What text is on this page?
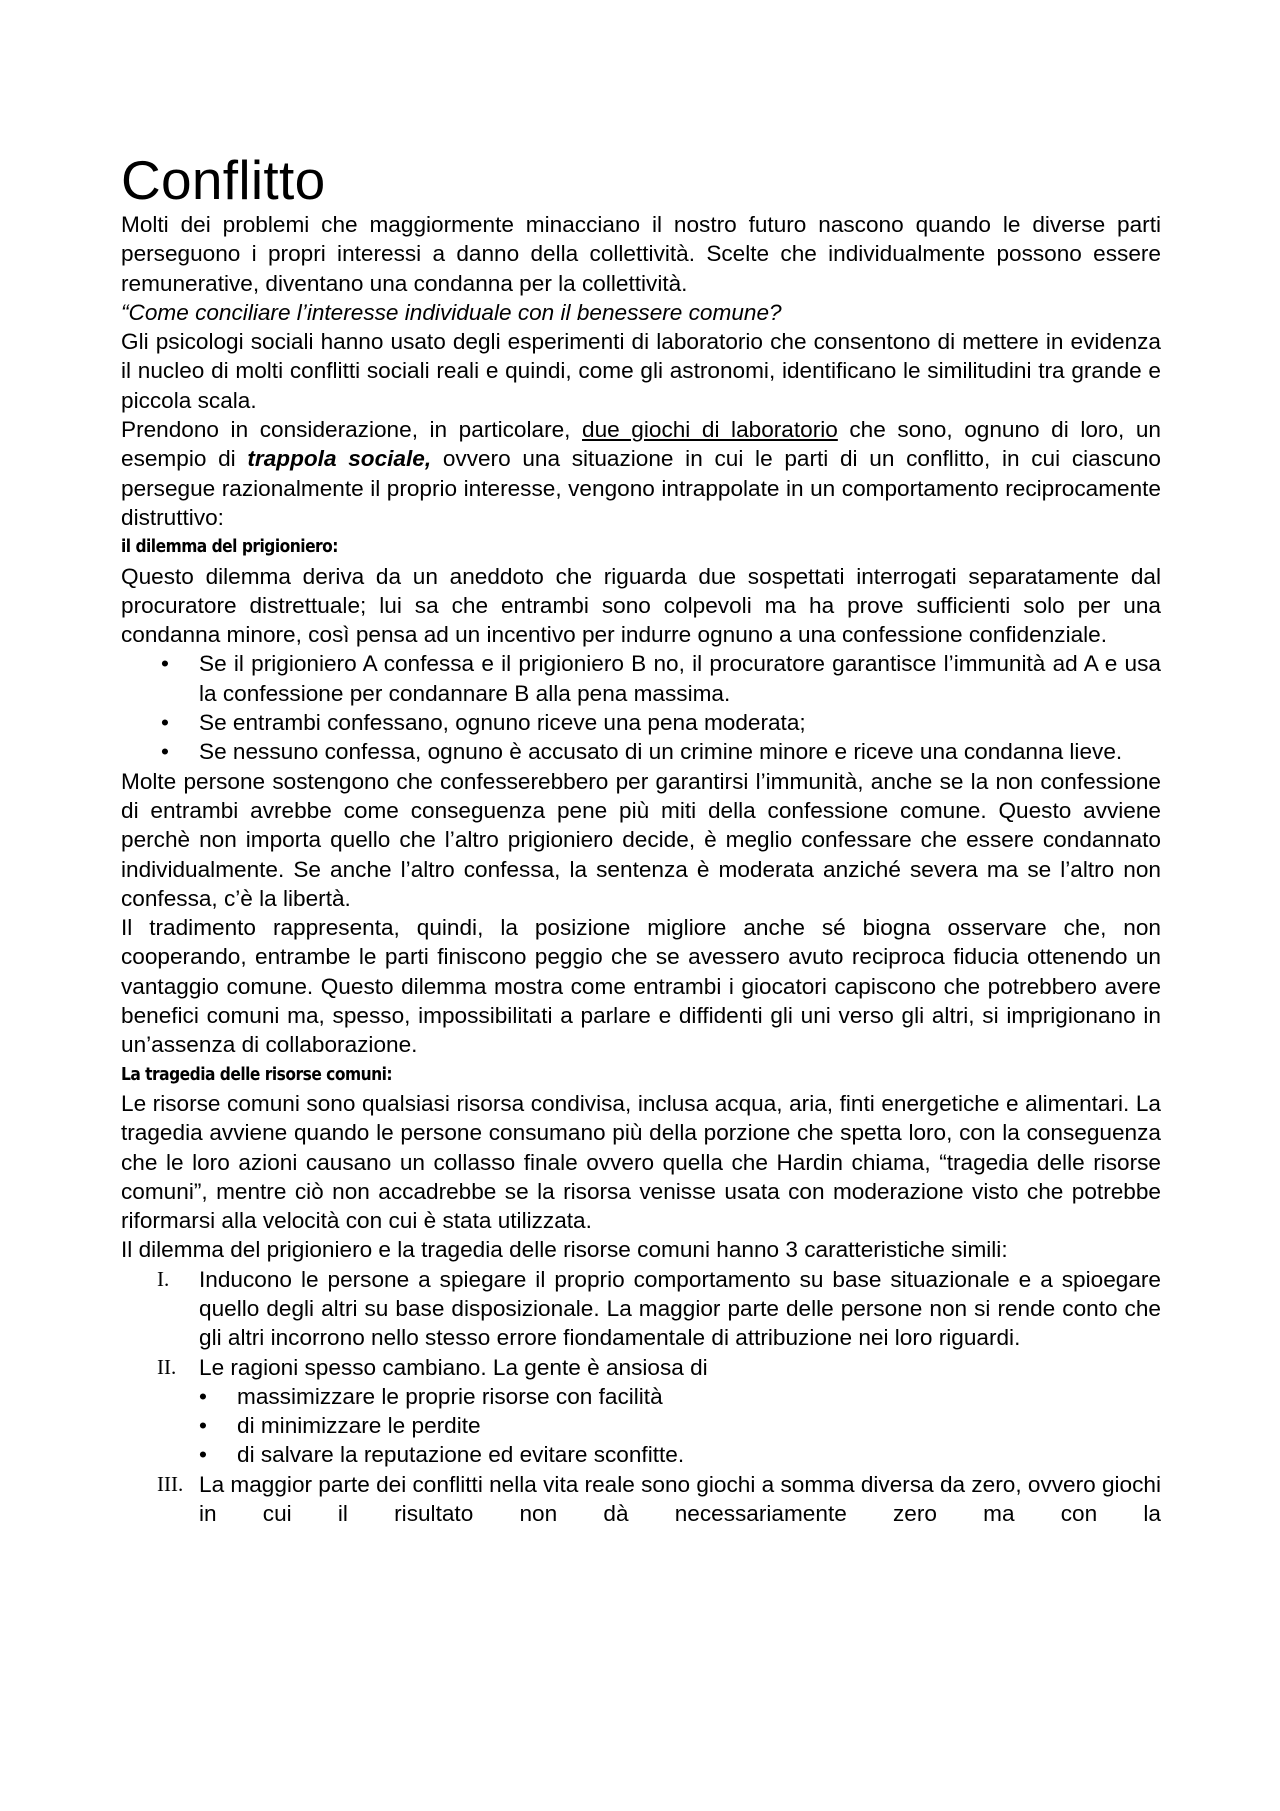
Conflitto

Molti dei problemi che maggiormente minacciano il nostro futuro nascono quando le diverse parti perseguono i propri interessi a danno della collettività. Scelte che individualmente possono essere remunerative, diventano una condanna per la collettività.

“Come conciliare l’interesse individuale con il benessere comune?

Gli psicologi sociali hanno usato degli esperimenti di laboratorio che consentono di mettere in evidenza il nucleo di molti conflitti sociali reali e quindi, come gli astronomi, identificano le similitudini tra grande e piccola scala.

Prendono in considerazione, in particolare, due giochi di laboratorio che sono, ognuno di loro, un esempio di trappola sociale, ovvero una situazione in cui le parti di un conflitto, in cui ciascuno persegue razionalmente il proprio interesse, vengono intrappolate in un comportamento reciprocamente distruttivo:

il dilemma del prigioniero:

Questo dilemma deriva da un aneddoto che riguarda due sospettati interrogati separatamente dal procuratore distrettuale; lui sa che entrambi sono colpevoli ma ha prove sufficienti solo per una condanna minore, così pensa ad un incentivo per indurre ognuno a una confessione confidenziale.

• Se il prigioniero A confessa e il prigioniero B no, il procuratore garantisce l’immunità ad A e usa la confessione per condannare B alla pena massima.
• Se entrambi confessano, ognuno riceve una pena moderata;
• Se nessuno confessa, ognuno è accusato di un crimine minore e riceve una condanna lieve.

Molte persone sostengono che confesserebbero per garantirsi l’immunità, anche se la non confessione di entrambi avrebbe come conseguenza pene più miti della confessione comune. Questo avviene perchè non importa quello che l’altro prigioniero decide, è meglio confessare che essere condannato individualmente. Se anche l’altro confessa, la sentenza è moderata anziché severa ma se l’altro non confessa, c’è la libertà.

Il tradimento rappresenta, quindi, la posizione migliore anche sé biogna osservare che, non cooperando, entrambe le parti finiscono peggio che se avessero avuto reciproca fiducia ottenendo un vantaggio comune. Questo dilemma mostra come entrambi i giocatori capiscono che potrebbero avere benefici comuni ma, spesso, impossibilitati a parlare e diffidenti gli uni verso gli altri, si imprigionano in un’assenza di collaborazione.

La tragedia delle risorse comuni:

Le risorse comuni sono qualsiasi risorsa condivisa, inclusa acqua, aria, finti energetiche e alimentari. La tragedia avviene quando le persone consumano più della porzione che spetta loro, con la conseguenza che le loro azioni causano un collasso finale ovvero quella che Hardin chiama, “tragedia delle risorse comuni”, mentre ciò non accadrebbe se la risorsa venisse usata con moderazione visto che potrebbe riformarsi alla velocità con cui è stata utilizzata.

Il dilemma del prigioniero e la tragedia delle risorse comuni hanno 3 caratteristiche simili:

I. Inducono le persone a spiegare il proprio comportamento su base situazionale e a spioegare quello degli altri su base disposizionale. La maggior parte delle persone non si rende conto che gli altri incorrono nello stesso errore fiondamentale di attribuzione nei loro riguardi.
II. Le ragioni spesso cambiano. La gente è ansiosa di
• massimizzare le proprie risorse con facilità
• di minimizzare le perdite
• di salvare la reputazione ed evitare sconfitte.
III. La maggior parte dei conflitti nella vita reale sono giochi a somma diversa da zero, ovvero giochi in cui il risultato non dà necessariamente zero ma con la
